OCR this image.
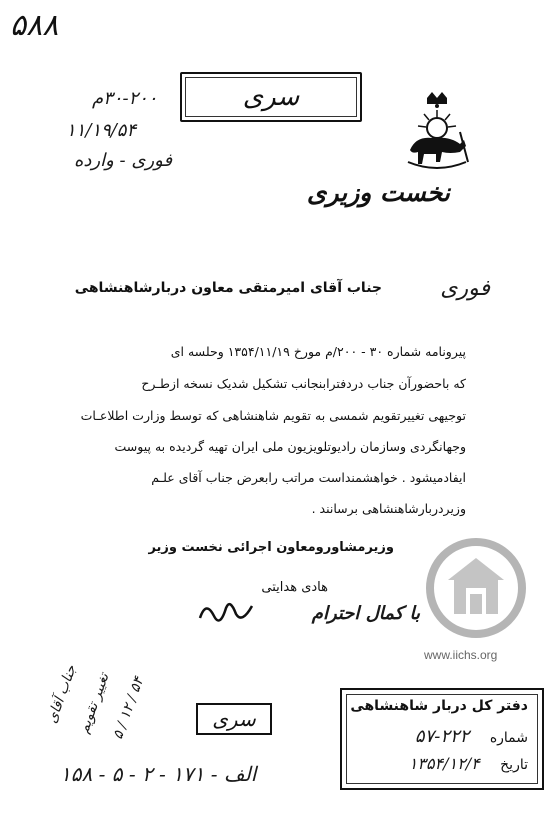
۵۸۸
۳۰-۲۰۰م
۱۱/۱۹/۵۴
فوری - وارده
سری
نخست وزیری
فوری
جناب آقای امیرمتقی معاون دربارشاهنشاهی
پیرونامه شماره ۳۰ - ۲۰۰/م مورخ ۱۳۵۴/۱۱/۱۹ وحلسه ای
که باحضورآن جناب دردفترابنجانب تشکیل شدیک نسخه ازطـرح
توجیهی تغییرتقویم شمسی به تقویم شاهنشاهی که توسط وزارت اطلاعـات
وجهانگردی وسازمان رادیوتلویزیون ملی ایران تهیه گردیده به پیوست
ایفادمیشود . خواهشمنداست مراتب رابعرض جناب آقای علـم
وزیردربارشاهنشاهی برسانند .
وزیرمشاورومعاون اجرائی نخست وزیر
هادی هدایتی
با کمال احترام
جناب آقای
تغییر تقویم
۵ / ۱۲ / ۵۴
www.iichs.org
سری
دفتر کل دربار شاهنشاهی
شماره ۲۲۲-۵۷
تاریخ ۱۳۵۴/۱۲/۴
الف - ۱۷۱ - ۲ - ۵ - ۱۵۸
